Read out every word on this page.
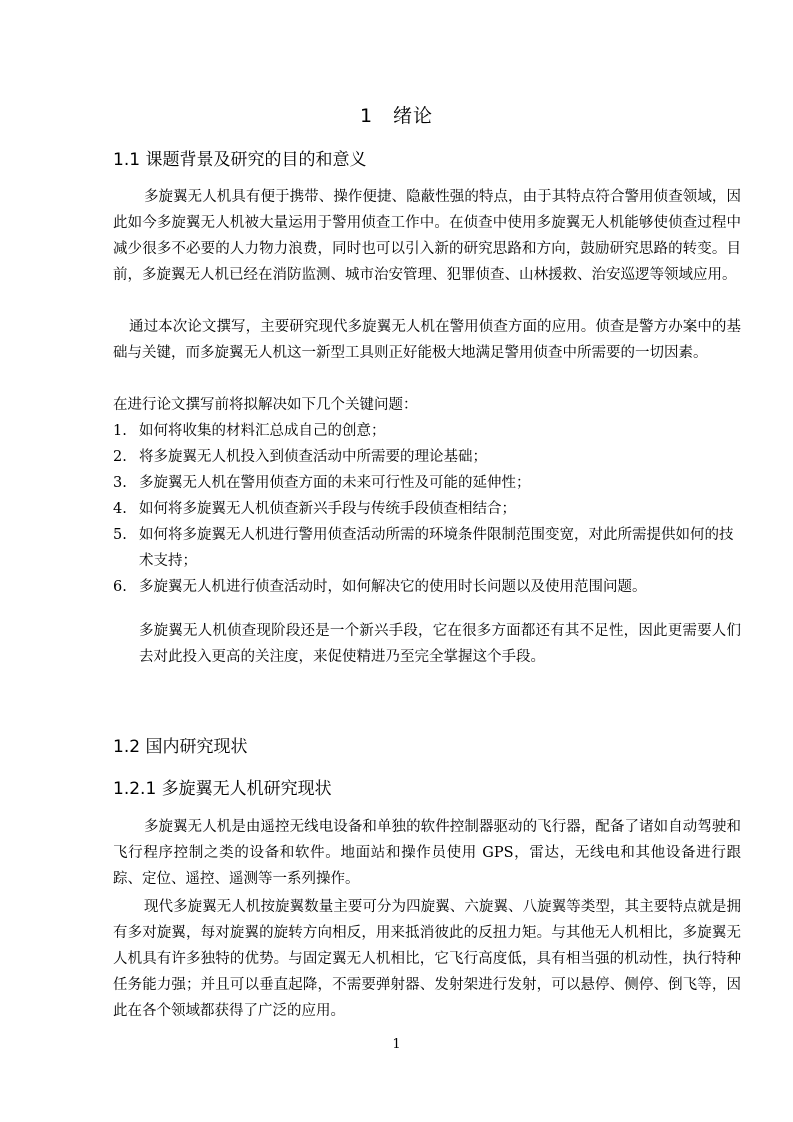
1　绪论
1.1 课题背景及研究的目的和意义

多旋翼无人机具有便于携带、操作便捷、隐蔽性强的特点，由于其特点符合警用侦查领域，因此如今多旋翼无人机被大量运用于警用侦查工作中。在侦查中使用多旋翼无人机能够使侦查过程中减少很多不必要的人力物力浪费，同时也可以引入新的研究思路和方向，鼓励研究思路的转变。目前，多旋翼无人机已经在消防监测、城市治安管理、犯罪侦查、山林援救、治安巡逻等领域应用。

通过本次论文撰写，主要研究现代多旋翼无人机在警用侦查方面的应用。侦查是警方办案中的基础与关键，而多旋翼无人机这一新型工具则正好能极大地满足警用侦查中所需要的一切因素。

在进行论文撰写前将拟解决如下几个关键问题：

1. 如何将收集的材料汇总成自己的创意；
2. 将多旋翼无人机投入到侦查活动中所需要的理论基础；
3. 多旋翼无人机在警用侦查方面的未来可行性及可能的延伸性；
4. 如何将多旋翼无人机侦查新兴手段与传统手段侦查相结合；
5. 如何将多旋翼无人机进行警用侦查活动所需的环境条件限制范围变宽，对此所需提供如何的技术支持；
6. 多旋翼无人机进行侦查活动时，如何解决它的使用时长问题以及使用范围问题。

多旋翼无人机侦查现阶段还是一个新兴手段，它在很多方面都还有其不足性，因此更需要人们去对此投入更高的关注度，来促使精进乃至完全掌握这个手段。

1.2 国内研究现状
1.2.1 多旋翼无人机研究现状

多旋翼无人机是由遥控无线电设备和单独的软件控制器驱动的飞行器，配备了诸如自动驾驶和飞行程序控制之类的设备和软件。地面站和操作员使用 GPS，雷达，无线电和其他设备进行跟踪、定位、遥控、遥测等一系列操作。

现代多旋翼无人机按旋翼数量主要可分为四旋翼、六旋翼、八旋翼等类型，其主要特点就是拥有多对旋翼，每对旋翼的旋转方向相反，用来抵消彼此的反扭力矩。与其他无人机相比，多旋翼无人机具有许多独特的优势。与固定翼无人机相比，它飞行高度低，具有相当强的机动性，执行特种任务能力强；并且可以垂直起降，不需要弹射器、发射架进行发射，可以悬停、侧停、倒飞等，因此在各个领域都获得了广泛的应用。

1
